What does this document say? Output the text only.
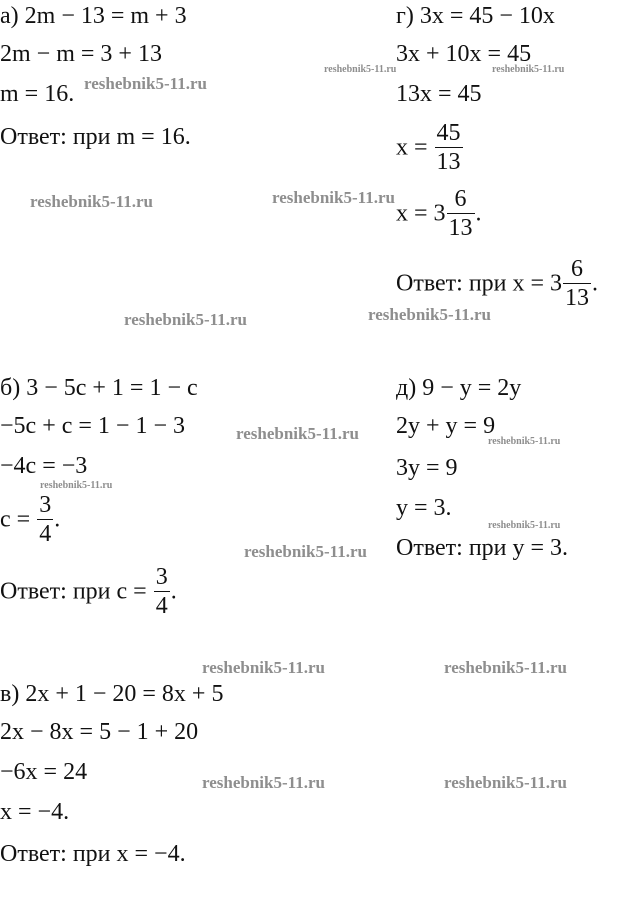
а) 2m − 13 = m + 3
2m − m = 3 + 13
m = 16.
Ответ: при m = 16.
г) 3x = 45 − 10x
3x + 10x = 45
13x = 45
$x = \frac{45}{13}$
$x = 3 \frac{6}{13}$ .
Ответ: при $x = 3 \frac{6}{13}$ .
б) 3 − 5c + 1 = 1 − c
−5c + c = 1 − 1 − 3
−4c = −3
$c = \frac{3}{4}$ .
Ответ: при $c = \frac{3}{4}$ .
д) 9 − y = 2y
2y + y = 9
3y = 9
y = 3.
Ответ: при y = 3.
в) 2x + 1 − 20 = 8x + 5
2x − 8x = 5 − 1 + 20
−6x = 24
x = −4.
Ответ: при x = −4.
reshebnik5-11.ru
reshebnik5-11.ru	reshebnik5-11.ru
reshebnik5-11.ru	reshebnik5-11.ru
reshebnik5-11.ru	reshebnik5-11.ru
reshebnik5-11.ru	reshebnik5-11.ru
reshebnik5-11.ru
reshebnik5-11.ru
reshebnik5-11.ru
reshebnik5-11.ru	reshebnik5-11.ru
reshebnik5-11.ru	reshebnik5-11.ru
